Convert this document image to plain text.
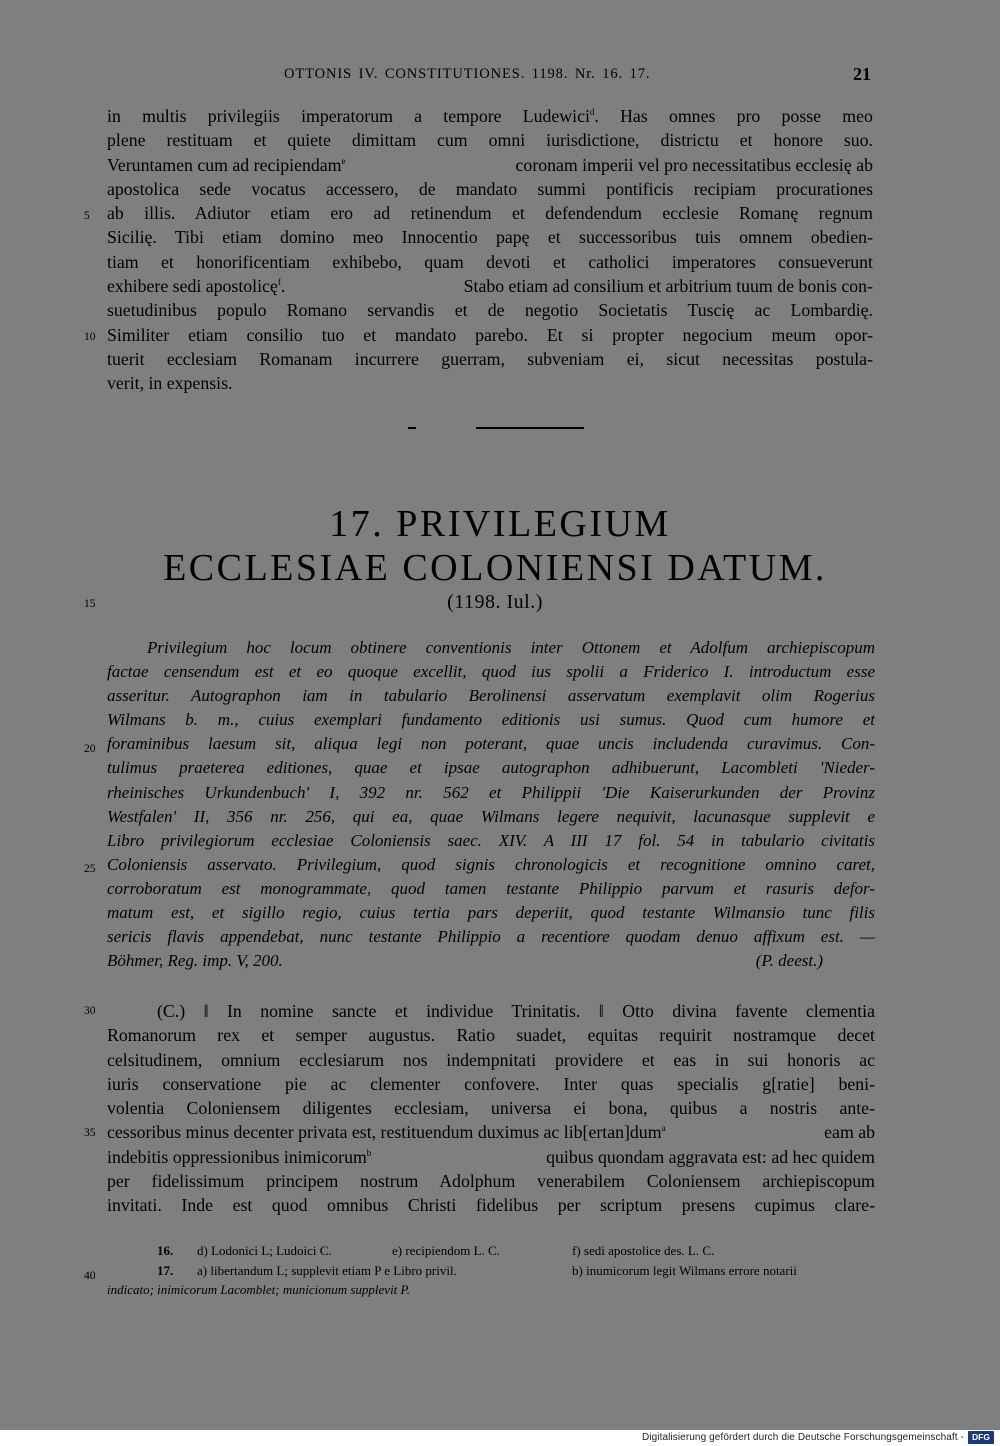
OTTONIS IV. CONSTITUTIONES. 1198. Nr. 16. 17.	21
in multis privilegiis imperatorum a tempore Ludewici$^d$. Has omnes pro posse meo
plene restituam et quiete dimittam cum omni iurisdictione, districtu et honore suo.
Veruntamen cum ad recipiendam$^e$	coronam imperii vel pro necessitatibus ecclesię ab
apostolica sede vocatus accessero, de mandato summi pontificis recipiam procurationes
ab illis. Adiutor etiam ero ad retinendum et defendendum ecclesie Romanę regnum
Sicilię. Tibi etiam domino meo Innocentio papę et successoribus tuis omnem obedien-
tiam et honorificentiam exhibebo, quam devoti et catholici imperatores consueverunt
exhibere sedi apostolicę$^f$.	Stabo etiam ad consilium et arbitrium tuum de bonis con-
suetudinibus populo Romano servandis et de negotio Societatis Tuscię ac Lombardię.
Similiter etiam consilio tuo et mandato parebo. Et si propter negocium meum opor-
tuerit ecclesiam Romanam incurrere guerram, subveniam ei, sicut necessitas postula-
verit, in expensis.
17. PRIVILEGIUM
ECCLESIAE COLONIENSI DATUM.
(1198. Iul.)
Privilegium hoc locum obtinere conventionis inter Ottonem et Adolfum archiepiscopum
factae censendum est et eo quoque excellit, quod ius spolii a Friderico I. introductum esse
asseritur. Autographon iam in tabulario Berolinensi asservatum exemplavit olim Rogerius
Wilmans b. m., cuius exemplari fundamento editionis usi sumus. Quod cum humore et
foraminibus laesum sit, aliqua legi non poterant, quae uncis includenda curavimus. Con-
tulimus praeterea editiones, quae et ipsae autographon adhibuerunt, Lacombleti 'Nieder-
rheinisches Urkundenbuch' I, 392 nr. 562 et Philippii 'Die Kaiserurkunden der Provinz
Westfalen' II, 356 nr. 256, qui ea, quae Wilmans legere nequivit, lacunasque supplevit e
Libro privilegiorum ecclesiae Coloniensis saec. XIV. A III 17 fol. 54 in tabulario civitatis
Coloniensis asservato. Privilegium, quod signis chronologicis et recognitione omnino caret,
corroboratum est monogrammate, quod tamen testante Philippio parvum et rasuris defor-
matum est, et sigillo regio, cuius tertia pars deperiit, quod testante Wilmansio tunc filis
sericis flavis appendebat, nunc testante Philippio a recentiore quodam denuo affixum est. —
Böhmer, Reg. imp. V, 200.	(P. deest.)
(C.) ‖ In nomine sancte et individue Trinitatis. ‖ Otto divina favente clementia
Romanorum rex et semper augustus. Ratio suadet, equitas requirit nostramque decet
celsitudinem, omnium ecclesiarum nos indempnitati providere et eas in sui honoris ac
iuris conservatione pie ac clementer confovere. Inter quas specialis g[ratie] beni-
volentia Coloniensem diligentes ecclesiam, universa ei bona, quibus a nostris ante-
cessoribus minus decenter privata est, restituendum duximus ac lib[ertan]dum$^a$	eam ab
indebitis oppressionibus inimicorum$^b$	quibus quondam aggravata est: ad hec quidem
per fidelissimum principem nostrum Adolphum venerabilem Coloniensem archiepiscopum
invitati. Inde est quod omnibus Christi fidelibus per scriptum presens cupimus clare-
16.	d) Lodonici L; Ludoici C.	e) recipiendom L. C.	f) sedi apostolice des. L. C.
17.	a) libertandum L; supplevit etiam P e Libro privil.	b) inumicorum legit Wilmans errore notarii
indicato; inimicorum Lacomblet; municionum supplevit P.
5
10
15
20
25
30
35
40
Digitalisierung gefördert durch die Deutsche Forschungsgemeinschaft - DFG
